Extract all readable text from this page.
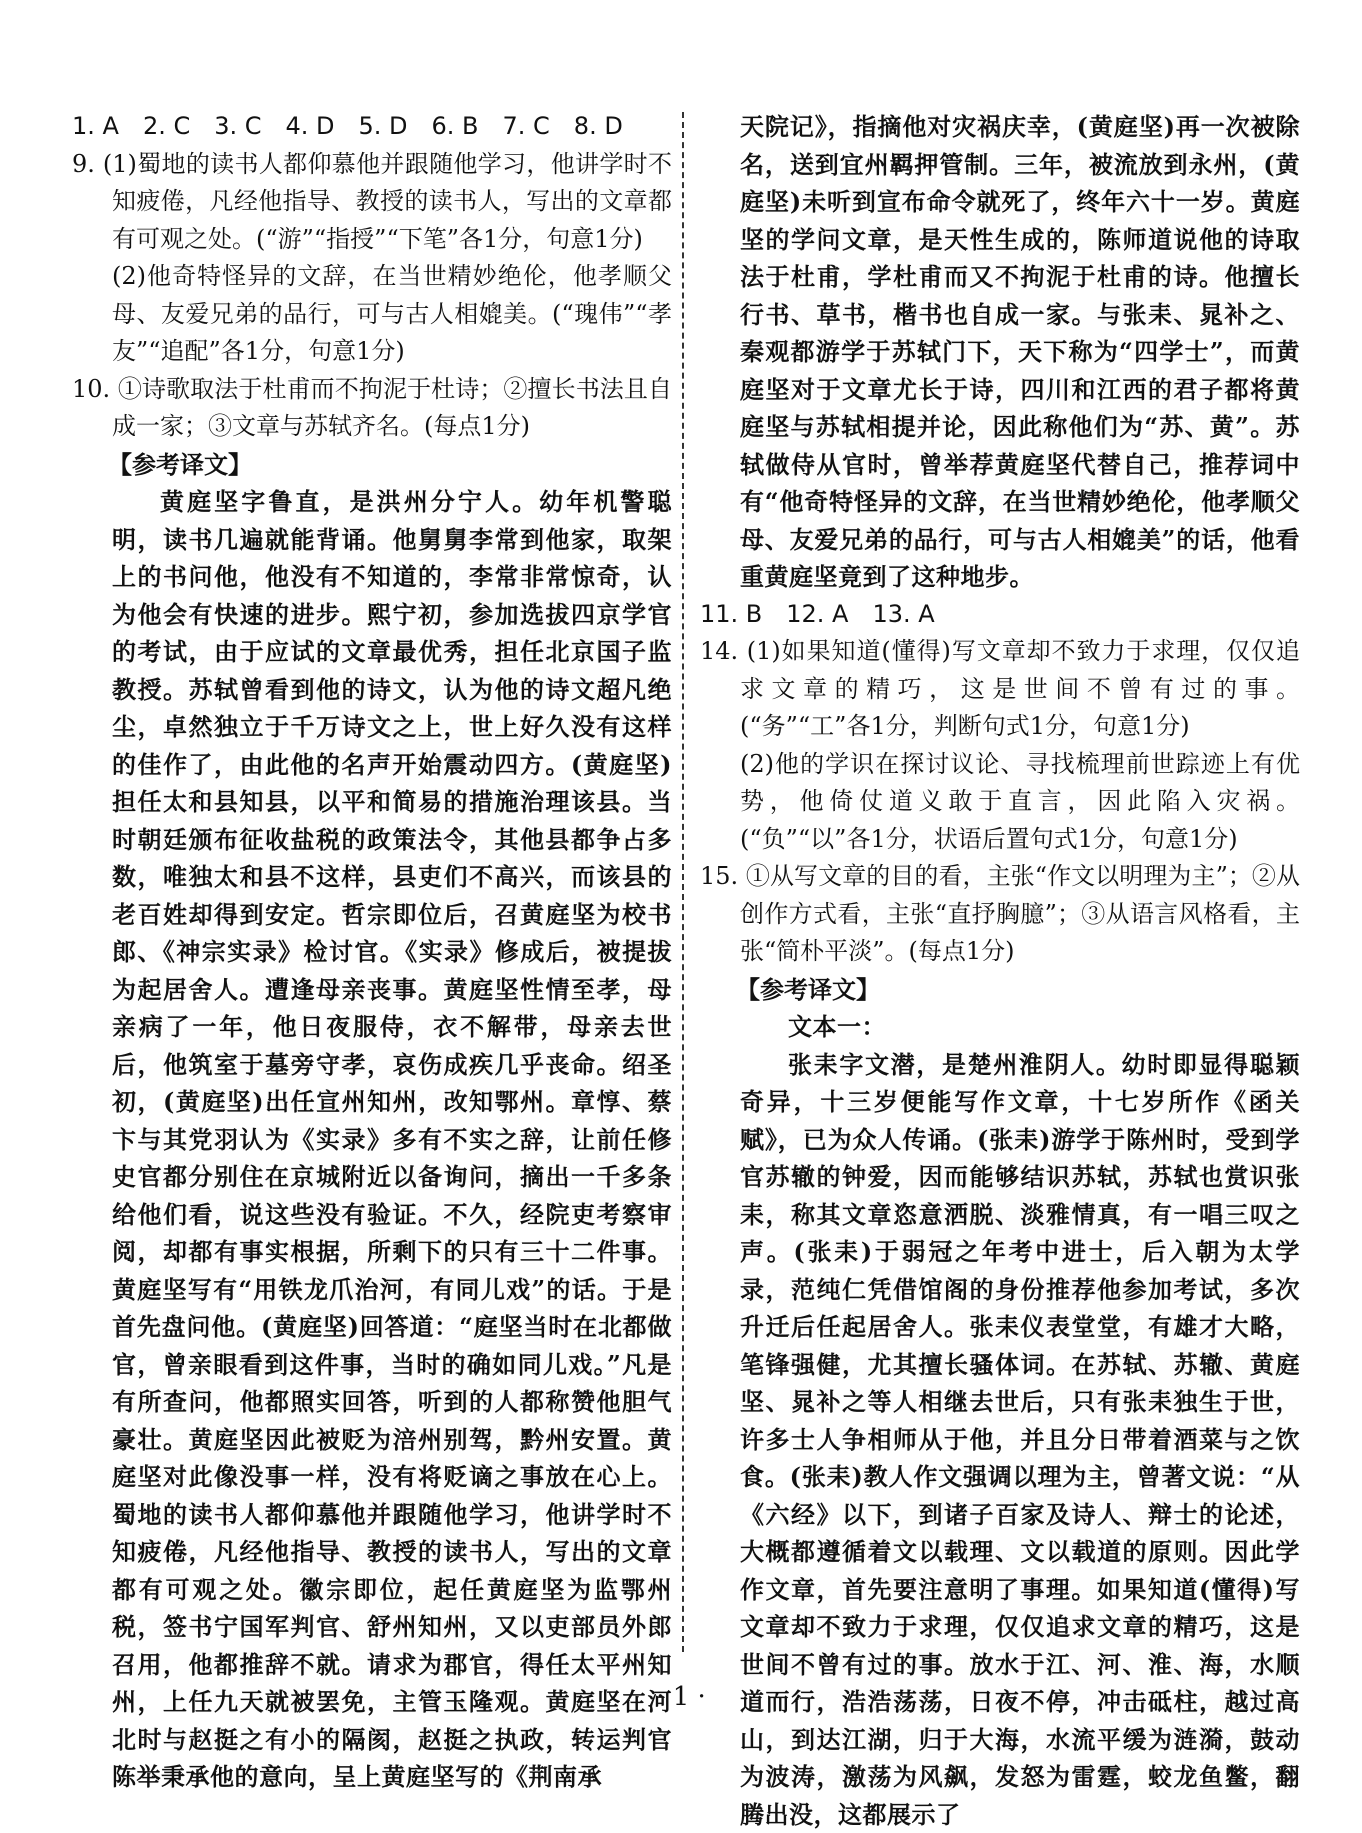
1. A　2. C　3. C　4. D　5. D　6. B　7. C　8. D

9. (1)蜀地的读书人都仰慕他并跟随他学习，他讲学时不知疲倦，凡经他指导、教授的读书人，写出的文章都有可观之处。(“游”“指授”“下笔”各1分，句意1分)

(2)他奇特怪异的文辞，在当世精妙绝伦，他孝顺父母、友爱兄弟的品行，可与古人相媲美。(“瑰伟”“孝友”“追配”各1分，句意1分)

10. ①诗歌取法于杜甫而不拘泥于杜诗；②擅长书法且自成一家；③文章与苏轼齐名。(每点1分)

【参考译文】

黄庭坚字鲁直，是洪州分宁人。幼年机警聪明，读书几遍就能背诵。他舅舅李常到他家，取架上的书问他，他没有不知道的，李常非常惊奇，认为他会有快速的进步。熙宁初，参加选拔四京学官的考试，由于应试的文章最优秀，担任北京国子监教授。苏轼曾看到他的诗文，认为他的诗文超凡绝尘，卓然独立于千万诗文之上，世上好久没有这样的佳作了，由此他的名声开始震动四方。(黄庭坚)担任太和县知县，以平和简易的措施治理该县。当时朝廷颁布征收盐税的政策法令，其他县都争占多数，唯独太和县不这样，县吏们不高兴，而该县的老百姓却得到安定。哲宗即位后，召黄庭坚为校书郎、《神宗实录》检讨官。《实录》修成后，被提拔为起居舍人。遭逢母亲丧事。黄庭坚性情至孝，母亲病了一年，他日夜服侍，衣不解带，母亲去世后，他筑室于墓旁守孝，哀伤成疾几乎丧命。绍圣初，(黄庭坚)出任宣州知州，改知鄂州。章惇、蔡卞与其党羽认为《实录》多有不实之辞，让前任修史官都分别住在京城附近以备询问，摘出一千多条给他们看，说这些没有验证。不久，经院吏考察审阅，却都有事实根据，所剩下的只有三十二件事。黄庭坚写有“用铁龙爪治河，有同儿戏”的话。于是首先盘问他。(黄庭坚)回答道：“庭坚当时在北都做官，曾亲眼看到这件事，当时的确如同儿戏。”凡是有所查问，他都照实回答，听到的人都称赞他胆气豪壮。黄庭坚因此被贬为涪州别驾，黔州安置。黄庭坚对此像没事一样，没有将贬谪之事放在心上。蜀地的读书人都仰慕他并跟随他学习，他讲学时不知疲倦，凡经他指导、教授的读书人，写出的文章都有可观之处。徽宗即位，起任黄庭坚为监鄂州税，签书宁国军判官、舒州知州，又以吏部员外郎召用，他都推辞不就。请求为郡官，得任太平州知州，上任九天就被罢免，主管玉隆观。黄庭坚在河北时与赵挺之有小的隔阂，赵挺之执政，转运判官陈举秉承他的意向，呈上黄庭坚写的《荆南承

天院记》，指摘他对灾祸庆幸，(黄庭坚)再一次被除名，送到宜州羁押管制。三年，被流放到永州，(黄庭坚)未听到宣布命令就死了，终年六十一岁。黄庭坚的学问文章，是天性生成的，陈师道说他的诗取法于杜甫，学杜甫而又不拘泥于杜甫的诗。他擅长行书、草书，楷书也自成一家。与张耒、晁补之、秦观都游学于苏轼门下，天下称为“四学士”，而黄庭坚对于文章尤长于诗，四川和江西的君子都将黄庭坚与苏轼相提并论，因此称他们为“苏、黄”。苏轼做侍从官时，曾举荐黄庭坚代替自己，推荐词中有“他奇特怪异的文辞，在当世精妙绝伦，他孝顺父母、友爱兄弟的品行，可与古人相媲美”的话，他看重黄庭坚竟到了这种地步。

11. B　12. A　13. A

14. (1)如果知道(懂得)写文章却不致力于求理，仅仅追求文章的精巧，这是世间不曾有过的事。(“务”“工”各1分，判断句式1分，句意1分)

(2)他的学识在探讨议论、寻找梳理前世踪迹上有优势，他倚仗道义敢于直言，因此陷入灾祸。(“负”“以”各1分，状语后置句式1分，句意1分)

15. ①从写文章的目的看，主张“作文以明理为主”；②从创作方式看，主张“直抒胸臆”；③从语言风格看，主张“简朴平淡”。(每点1分)

【参考译文】

文本一：

张耒字文潜，是楚州淮阴人。幼时即显得聪颖奇异，十三岁便能写作文章，十七岁所作《函关赋》，已为众人传诵。(张耒)游学于陈州时，受到学官苏辙的钟爱，因而能够结识苏轼，苏轼也赏识张耒，称其文章恣意洒脱、淡雅情真，有一唱三叹之声。(张耒)于弱冠之年考中进士，后入朝为太学录，范纯仁凭借馆阁的身份推荐他参加考试，多次升迁后任起居舍人。张耒仪表堂堂，有雄才大略，笔锋强健，尤其擅长骚体词。在苏轼、苏辙、黄庭坚、晁补之等人相继去世后，只有张耒独生于世，许多士人争相师从于他，并且分日带着酒菜与之饮食。(张耒)教人作文强调以理为主，曾著文说：“从《六经》以下，到诸子百家及诗人、辩士的论述，大概都遵循着文以载理、文以载道的原则。因此学作文章，首先要注意明了事理。如果知道(懂得)写文章却不致力于求理，仅仅追求文章的精巧，这是世间不曾有过的事。放水于江、河、淮、海，水顺道而行，浩浩荡荡，日夜不停，冲击砥柱，越过高山，到达江湖，归于大海，水流平缓为涟漪，鼓动为波涛，激荡为风飙，发怒为雷霆，蛟龙鱼鳖，翻腾出没，这都展示了

· 1 ·
